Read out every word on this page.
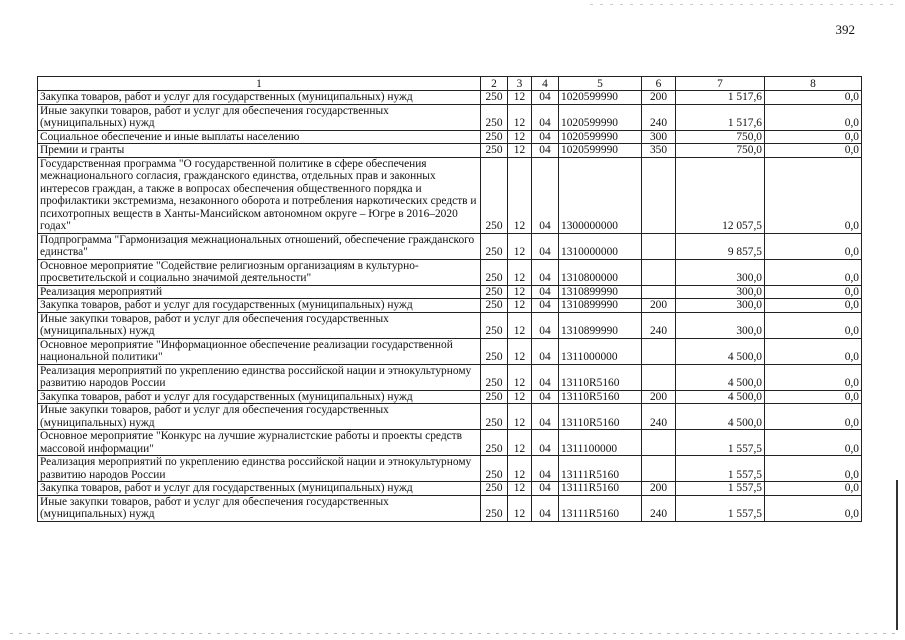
392
1	2	3	4	5	6	7	8
Закупка товаров, работ и услуг для государственных (муниципальных) нужд	250	12	04	1020599990	200	1 517,6	0,0
Иные закупки товаров, работ и услуг для обеспечения государственных (муниципальных) нужд	250	12	04	1020599990	240	1 517,6	0,0
Социальное обеспечение и иные выплаты населению	250	12	04	1020599990	300	750,0	0,0
Премии и гранты	250	12	04	1020599990	350	750,0	0,0
Государственная программа "О государственной политике в сфере обеспечения межнационального согласия, гражданского единства, отдельных прав и законных интересов граждан, а также в вопросах обеспечения общественного порядка и профилактики экстремизма, незаконного оборота и потребления наркотических средств и психотропных веществ в Ханты-Мансийском автономном округе – Югре в 2016–2020 годах"	250	12	04	1300000000		12 057,5	0,0
Подпрограмма "Гармонизация межнациональных отношений, обеспечение гражданского единства"	250	12	04	1310000000		9 857,5	0,0
Основное мероприятие "Содействие религиозным организациям в культурно-просветительской и социально значимой деятельности"	250	12	04	1310800000		300,0	0,0
Реализация мероприятий	250	12	04	1310899990		300,0	0,0
Закупка товаров, работ и услуг для государственных (муниципальных) нужд	250	12	04	1310899990	200	300,0	0,0
Иные закупки товаров, работ и услуг для обеспечения государственных (муниципальных) нужд	250	12	04	1310899990	240	300,0	0,0
Основное мероприятие "Информационное обеспечение реализации государственной национальной политики"	250	12	04	1311000000		4 500,0	0,0
Реализация мероприятий по укреплению единства российской нации и этнокультурному развитию народов России	250	12	04	13110R5160		4 500,0	0,0
Закупка товаров, работ и услуг для государственных (муниципальных) нужд	250	12	04	13110R5160	200	4 500,0	0,0
Иные закупки товаров, работ и услуг для обеспечения государственных (муниципальных) нужд	250	12	04	13110R5160	240	4 500,0	0,0
Основное мероприятие "Конкурс на лучшие журналистские работы и проекты средств массовой информации"	250	12	04	1311100000		1 557,5	0,0
Реализация мероприятий по укреплению единства российской нации и этнокультурному развитию народов России	250	12	04	13111R5160		1 557,5	0,0
Закупка товаров, работ и услуг для государственных (муниципальных) нужд	250	12	04	13111R5160	200	1 557,5	0,0
Иные закупки товаров, работ и услуг для обеспечения государственных (муниципальных) нужд	250	12	04	13111R5160	240	1 557,5	0,0
